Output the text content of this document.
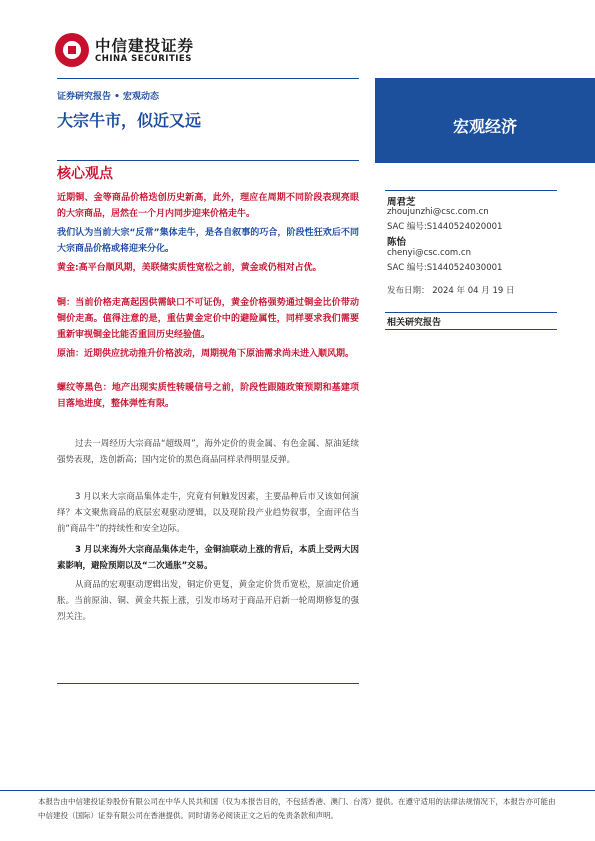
中信建投证券
CHINA SECURITIES
证券研究报告 • 宏观动态
大宗牛市，似近又远	宏观经济
核心观点
近期铜、金等商品价格迭创历史新高，此外，理应在周期不同阶段表现亮眼的大宗商品，居然在一个月内同步迎来价格走牛。
我们认为当前大宗“反常”集体走牛，是各自叙事的巧合，阶段性狂欢后不同大宗商品价格或将迎来分化。
黄金:高平台顺风期，美联储实质性宽松之前，黄金或仍相对占优。
铜：当前价格走高起因供需缺口不可证伪，黄金价格强势通过铜金比价带动铜价走高。值得注意的是，重估黄金定价中的避险属性，同样要求我们需要重新审视铜金比能否重回历史经验值。
原油：近期供应扰动推升价格波动，周期视角下原油需求尚未进入顺风期。
螺纹等黑色：地产出现实质性转暖信号之前，阶段性跟随政策预期和基建项目落地进度，整体弹性有限。
过去一周经历大宗商品“超级周”，海外定价的贵金属、有色金属、原油延续强势表现，迭创新高；国内定价的黑色商品同样录得明显反弹。
3 月以来大宗商品集体走牛，究竟有何触发因素，主要品种后市又该如何演绎？本文聚焦商品的底层宏观驱动逻辑，以及现阶段产业趋势叙事，全面评估当前“商品牛”的持续性和安全边际。
3 月以来海外大宗商品集体走牛，金铜油联动上涨的背后，本质上受两大因素影响，避险预期以及“二次通胀”交易。
从商品的宏观驱动逻辑出发，铜定价更复，黄金定价货币宽松，原油定价通胀。当前原油、铜、黄金共振上涨，引发市场对于商品开启新一轮周期修复的强烈关注。
周君芝
zhoujunzhi@csc.com.cn
SAC 编号:S1440524020001
陈怡
chenyi@csc.com.cn
SAC 编号:S1440524030001
发布日期： 2024 年 04 月 19 日
相关研究报告
本报告由中信建投证券股份有限公司在中华人民共和国（仅为本报告目的，不包括香港、澳门、台湾）提供。在遵守适用的法律法规情况下，本报告亦可能由中信建投（国际）证券有限公司在香港提供。同时请务必阅读正文之后的免责条款和声明。
